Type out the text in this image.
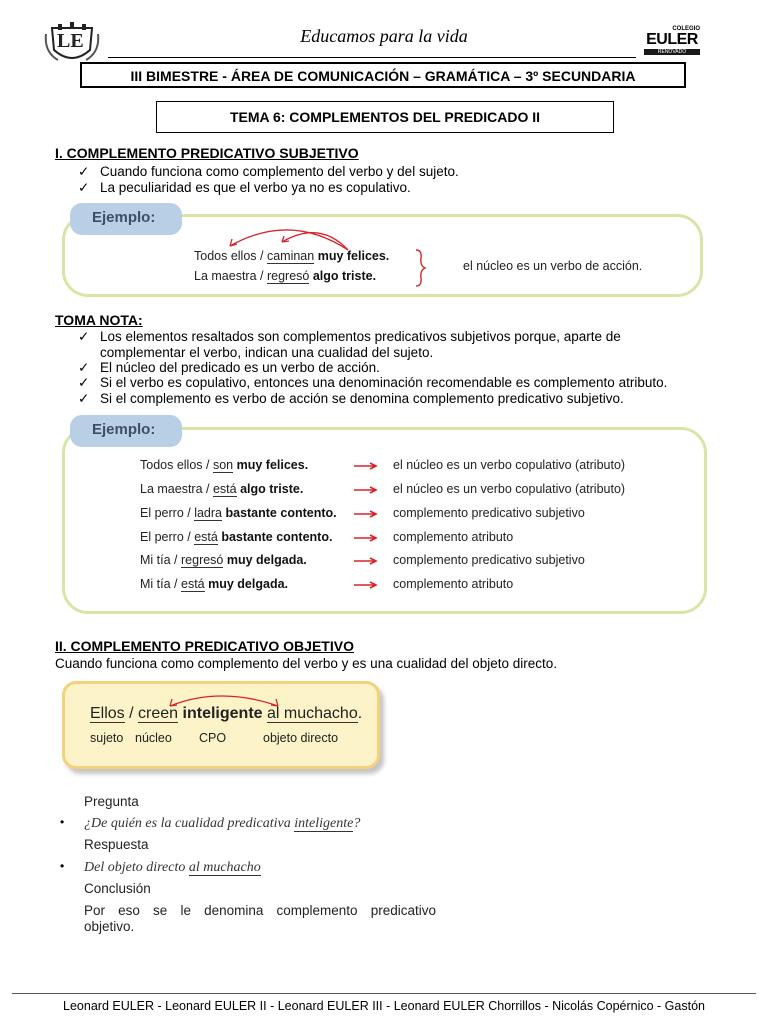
LE	Educamos para la vida	COLEGIO
EULER
RENOVADO
III BIMESTRE - ÁREA DE COMUNICACIÓN – GRAMÁTICA – 3º SECUNDARIA
TEMA 6: COMPLEMENTOS DEL PREDICADO II
I. COMPLEMENTO PREDICATIVO SUBJETIVO
✓ Cuando funciona como complemento del verbo y del sujeto.
✓ La peculiaridad es que el verbo ya no es copulativo.
Ejemplo:
Todos ellos / caminan muy felices.
La maestra / regresó algo triste.
el núcleo es un verbo de acción.
TOMA NOTA:
✓ Los elementos resaltados son complementos predicativos subjetivos porque, aparte de
complementar el verbo, indican una cualidad del sujeto.
✓ El núcleo del predicado es un verbo de acción.
✓ Si el verbo es copulativo, entonces una denominación recomendable es complemento atributo.
✓ Si el complemento es verbo de acción se denomina complemento predicativo subjetivo.
Ejemplo:
Todos ellos / son muy felices.	el núcleo es un verbo copulativo (atributo)
La maestra / está algo triste.	el núcleo es un verbo copulativo (atributo)
El perro / ladra bastante contento.	complemento predicativo subjetivo
El perro / está bastante contento.	complemento atributo
Mi tía / regresó muy delgada.	complemento predicativo subjetivo
Mi tía / está muy delgada.	complemento atributo
II. COMPLEMENTO PREDICATIVO OBJETIVO
Cuando funciona como complemento del verbo y es una cualidad del objeto directo.
Ellos / creen inteligente al muchacho.
sujeto núcleo CPO	objeto directo
Pregunta
• ¿De quién es la cualidad predicativa inteligente?
Respuesta
• Del objeto directo al muchacho
Conclusión
Por eso se le denomina complemento predicativo
objetivo.
Leonard EULER - Leonard EULER II - Leonard EULER III - Leonard EULER Chorrillos - Nicolás Copérnico - Gastón
